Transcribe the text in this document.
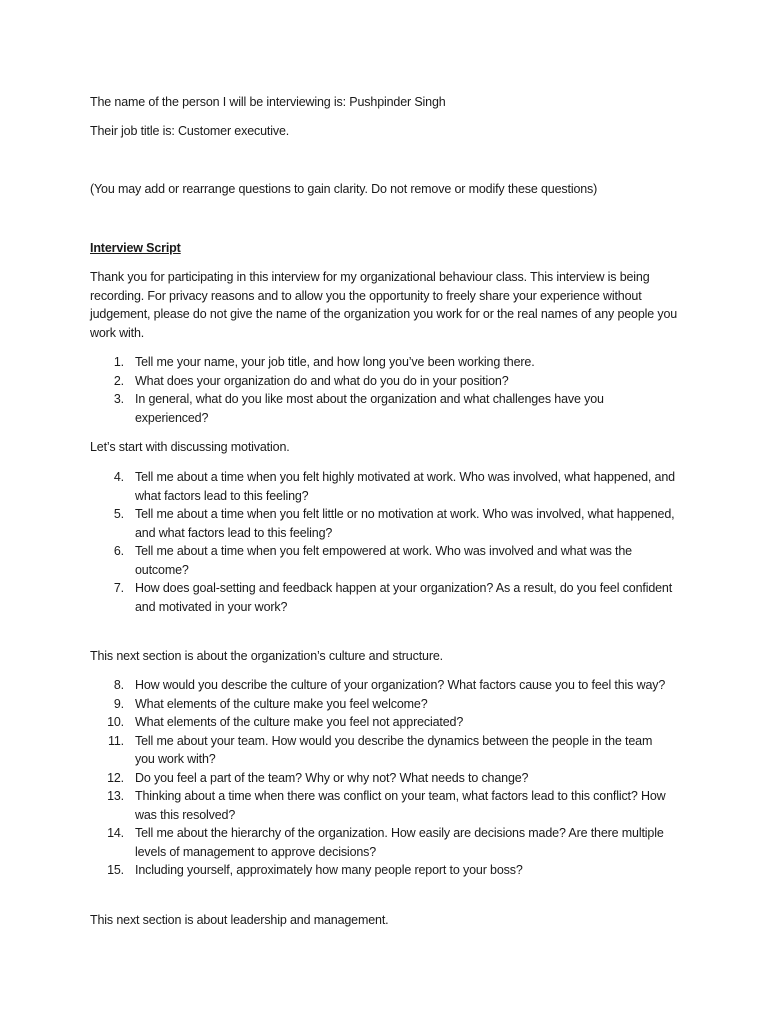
The name of the person I will be interviewing is: Pushpinder Singh
Their job title is: Customer executive.
(You may add or rearrange questions to gain clarity. Do not remove or modify these questions)
Interview Script
Thank you for participating in this interview for my organizational behaviour class. This interview is being recording. For privacy reasons and to allow you the opportunity to freely share your experience without judgement, please do not give the name of the organization you work for or the real names of any people you work with.
1. Tell me your name, your job title, and how long you’ve been working there.
2. What does your organization do and what do you do in your position?
3. In general, what do you like most about the organization and what challenges have you experienced?
Let’s start with discussing motivation.
4. Tell me about a time when you felt highly motivated at work. Who was involved, what happened, and what factors lead to this feeling?
5. Tell me about a time when you felt little or no motivation at work. Who was involved, what happened, and what factors lead to this feeling?
6. Tell me about a time when you felt empowered at work. Who was involved and what was the outcome?
7. How does goal-setting and feedback happen at your organization? As a result, do you feel confident and motivated in your work?
This next section is about the organization’s culture and structure.
8. How would you describe the culture of your organization? What factors cause you to feel this way?
9. What elements of the culture make you feel welcome?
10. What elements of the culture make you feel not appreciated?
11. Tell me about your team. How would you describe the dynamics between the people in the team you work with?
12. Do you feel a part of the team? Why or why not? What needs to change?
13. Thinking about a time when there was conflict on your team, what factors lead to this conflict? How was this resolved?
14. Tell me about the hierarchy of the organization. How easily are decisions made? Are there multiple levels of management to approve decisions?
15. Including yourself, approximately how many people report to your boss?
This next section is about leadership and management.
